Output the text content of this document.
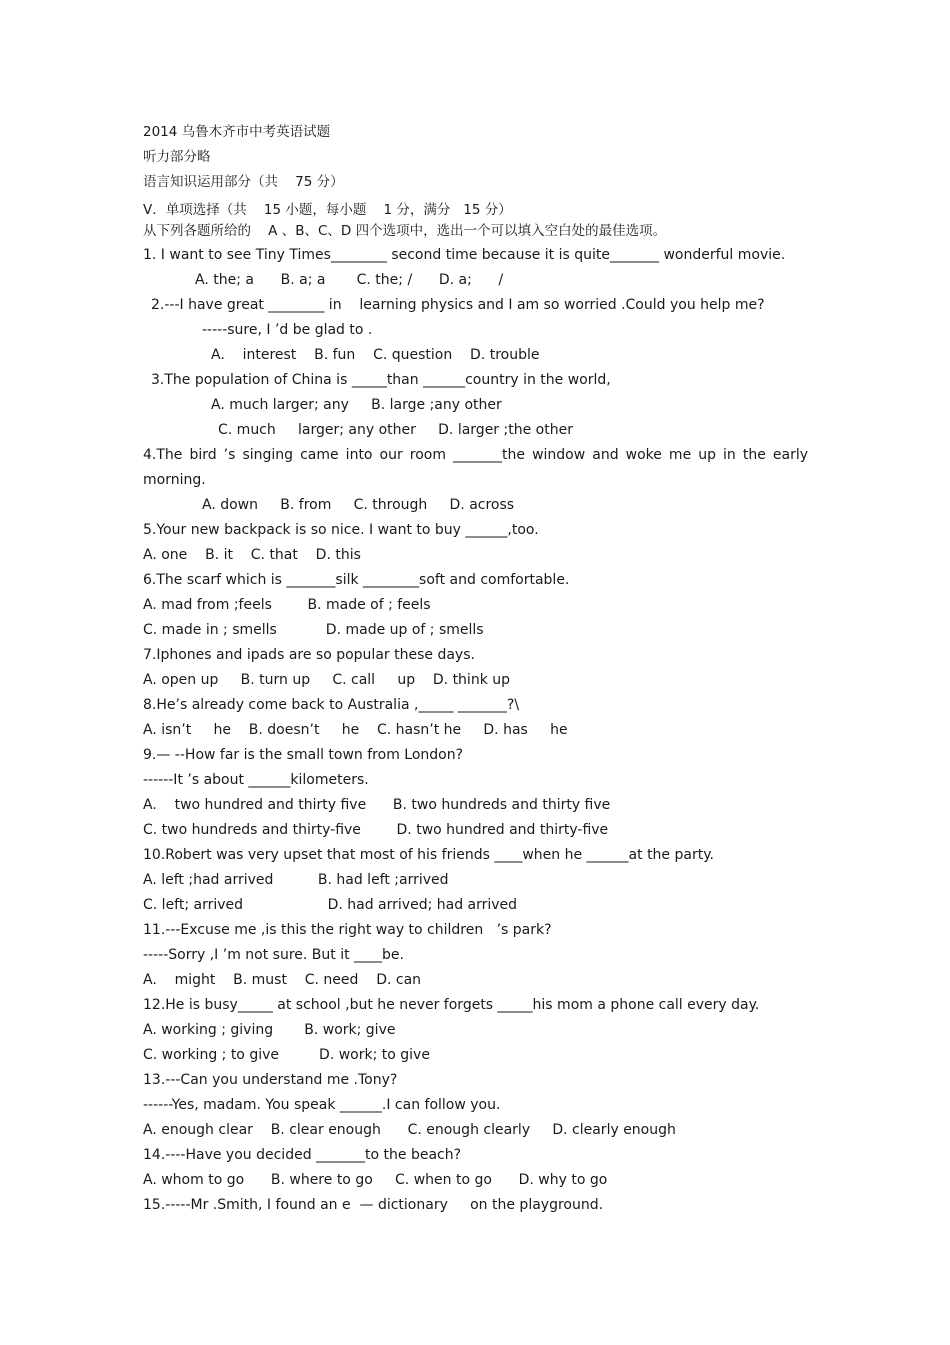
2014 乌鲁木齐市中考英语试题
听力部分略
语言知识运用部分（共    75 分）
V．单项选择（共    15 小题，每小题    1 分，满分   15 分）
从下列各题所给的    A 、B、C、D 四个选项中，选出一个可以填入空白处的最佳选项。
1. I want to see Tiny Times________ second time because it is quite_______ wonderful movie.
A. the; a      B. a; a       C. the; /      D. a;      /
2.---I have great ________ in    learning physics and I am so worried .Could you help me?
-----sure, I ’d be glad to .
A.    interest    B. fun    C. question    D. trouble
3.The population of China is _____than ______country in the world,
A. much larger; any     B. large ;any other
C. much     larger; any other     D. larger ;the other
4.The bird ’s singing came into our room _______the window and woke me up in the early
morning.
A. down     B. from     C. through     D. across
5.Your new backpack is so nice. I want to buy ______,too.
A. one    B. it    C. that    D. this
6.The scarf which is _______silk ________soft and comfortable.
A. mad from ;feels        B. made of ; feels
C. made in ; smells           D. made up of ; smells
7.Iphones and ipads are so popular these days.
A. open up     B. turn up     C. call     up    D. think up
8.He’s already come back to Australia ,_____ _______?\
A. isn’t     he    B. doesn’t     he    C. hasn’t he     D. has     he
9.— --How far is the small town from London?
------It ’s about ______kilometers.
A.    two hundred and thirty five      B. two hundreds and thirty five
C. two hundreds and thirty-five        D. two hundred and thirty-five
10.Robert was very upset that most of his friends ____when he ______at the party.
A. left ;had arrived          B. had left ;arrived
C. left; arrived                   D. had arrived; had arrived
11.---Excuse me ,is this the right way to children   ’s park?
-----Sorry ,I ’m not sure. But it ____be.
A.    might    B. must    C. need    D. can
12.He is busy_____ at school ,but he never forgets _____his mom a phone call every day.
A. working ; giving       B. work; give
C. working ; to give         D. work; to give
13.---Can you understand me .Tony?
------Yes, madam. You speak ______.I can follow you.
A. enough clear    B. clear enough      C. enough clearly     D. clearly enough
14.----Have you decided _______to the beach?
A. whom to go      B. where to go     C. when to go      D. why to go
15.-----Mr .Smith, I found an e  — dictionary     on the playground.
